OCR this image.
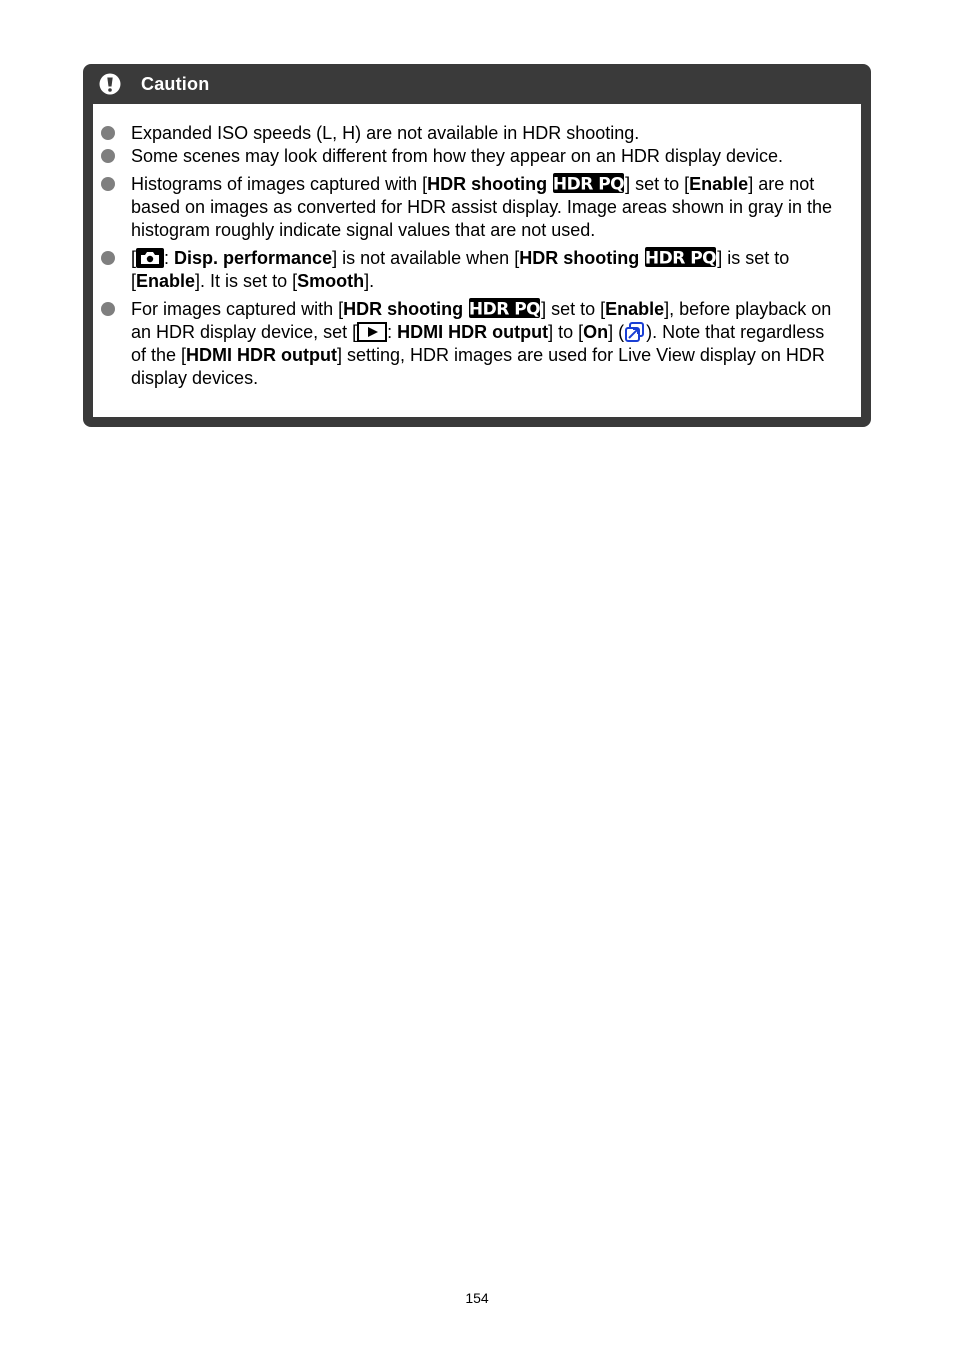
Caution
Expanded ISO speeds (L, H) are not available in HDR shooting.
Some scenes may look different from how they appear on an HDR display device.
Histograms of images captured with [HDR shooting HDR PQ ] set to [Enable] are not based on images as converted for HDR assist display. Image areas shown in gray in the histogram roughly indicate signal values that are not used.
[ : Disp. performance] is not available when [HDR shooting HDR PQ ] is set to [Enable]. It is set to [Smooth].
For images captured with [HDR shooting HDR PQ ] set to [Enable], before playback on an HDR display device, set [ : HDMI HDR output] to [On] ( ). Note that regardless of the [HDMI HDR output] setting, HDR images are used for Live View display on HDR display devices.
154
